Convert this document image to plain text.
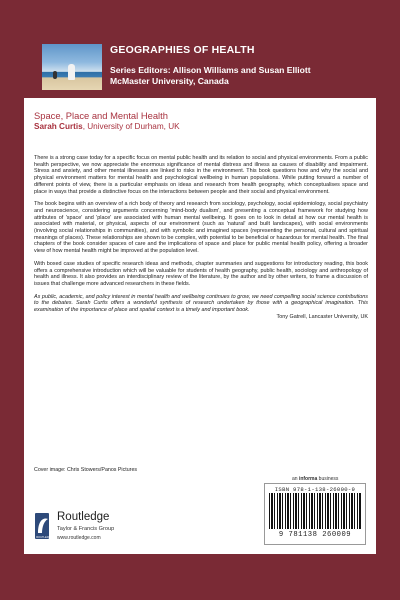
GEOGRAPHIES OF HEALTH
Series Editors: Allison Williams and Susan Elliott
McMaster University, Canada
Space, Place and Mental Health
Sarah Curtis, University of Durham, UK

There is a strong case today for a specific focus on mental public health and its relation to social and physical environments. From a public health perspective, we now appreciate the enormous significance of mental distress and illness as causes of disability and impairment. Stress and anxiety, and other mental illnesses are linked to risks in the environment. This book questions how and why the social and physical environment matters for mental health and psychological wellbeing in human populations. While putting forward a number of different points of view, there is a particular emphasis on ideas and research from health geography, which conceptualises space and place in ways that provide a distinctive focus on the interactions between people and their social and physical environment.

The book begins with an overview of a rich body of theory and research from sociology, psychology, social epidemiology, social psychiatry and neuroscience, considering arguments concerning 'mind-body dualism', and presenting a conceptual framework for studying how attributes of 'space' and 'place' are associated with human mental wellbeing. It goes on to look in detail at how our mental health is associated with material, or physical, aspects of our environment (such as 'natural' and built landscapes), with social environments (involving social relationships in communities), and with symbolic and imagined spaces (representing the personal, cultural and spiritual meanings of places). These relationships are shown to be complex, with potential to be beneficial or hazardous for mental health. The final chapters of the book consider spaces of care and the implications of space and place for public mental health policy, offering a broader view of how mental health might be improved at the population level.

With boxed case studies of specific research ideas and methods, chapter summaries and suggestions for introductory reading, this book offers a comprehensive introduction which will be valuable for students of health geography, public health, sociology and anthropology of health and illness. It also provides an interdisciplinary review of the literature, by the author and by other writers, to frame a discussion of issues that challenge more advanced researchers in these fields.

As public, academic, and policy interest in mental health and wellbeing continues to grow, we need compelling social science contributions to the debates. Sarah Curtis offers a wonderful synthesis of research undertaken by those with a geographical imagination. This examination of the importance of place and spatial context is a timely and important book.

Tony Gatrell, Lancaster University, UK

Cover image: Chris Stowers/Panos Pictures
an informa business
ISBN 978-1-138-26000-9
9 781138 260009
ROUTLEDGE
Routledge
Taylor & Francis Group
www.routledge.com
